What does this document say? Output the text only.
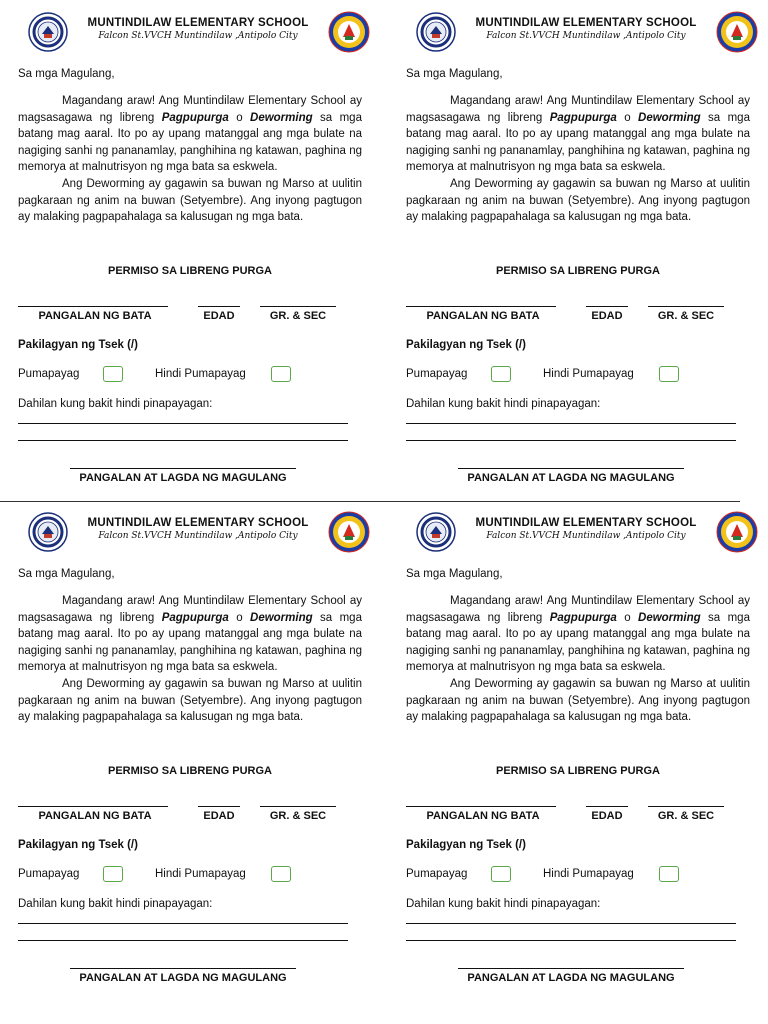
MUNTINDILAW ELEMENTARY SCHOOL
Falcon St.VVCH Muntindilaw ,Antipolo City
Sa mga Magulang,

Magandang araw! Ang Muntindilaw Elementary School ay magsasagawa ng libreng Pagpupurga o Deworming sa mga batang mag aaral. Ito po ay upang matanggal ang mga bulate na nagiging sanhi ng pananamlay, panghihina ng katawan, paghina ng memorya at malnutrisyon ng mga bata sa eskwela.

Ang Deworming ay gagawin sa buwan ng Marso at uulitin pagkaraan ng anim na buwan (Setyembre). Ang inyong pagtugon ay malaking pagpapahalaga sa kalusugan ng mga bata.

PERMISO SA LIBRENG PURGA
PANGALAN NG BATA	EDAD	GR. & SEC
Pakilagyan ng Tsek (/)
Pumapayag	Hindi Pumapayag
Dahilan kung bakit hindi pinapayagan:
PANGALAN AT LAGDA NG MAGULANG
MUNTINDILAW ELEMENTARY SCHOOL
Falcon St.VVCH Muntindilaw ,Antipolo City
Sa mga Magulang,

Magandang araw! Ang Muntindilaw Elementary School ay magsasagawa ng libreng Pagpupurga o Deworming sa mga batang mag aaral. Ito po ay upang matanggal ang mga bulate na nagiging sanhi ng pananamlay, panghihina ng katawan, paghina ng memorya at malnutrisyon ng mga bata sa eskwela.

Ang Deworming ay gagawin sa buwan ng Marso at uulitin pagkaraan ng anim na buwan (Setyembre). Ang inyong pagtugon ay malaking pagpapahalaga sa kalusugan ng mga bata.

PERMISO SA LIBRENG PURGA
PANGALAN NG BATA	EDAD	GR. & SEC
Pakilagyan ng Tsek (/)
Pumapayag	Hindi Pumapayag
Dahilan kung bakit hindi pinapayagan:
PANGALAN AT LAGDA NG MAGULANG
MUNTINDILAW ELEMENTARY SCHOOL
Falcon St.VVCH Muntindilaw ,Antipolo City
Sa mga Magulang,

Magandang araw! Ang Muntindilaw Elementary School ay magsasagawa ng libreng Pagpupurga o Deworming sa mga batang mag aaral. Ito po ay upang matanggal ang mga bulate na nagiging sanhi ng pananamlay, panghihina ng katawan, paghina ng memorya at malnutrisyon ng mga bata sa eskwela.

Ang Deworming ay gagawin sa buwan ng Marso at uulitin pagkaraan ng anim na buwan (Setyembre). Ang inyong pagtugon ay malaking pagpapahalaga sa kalusugan ng mga bata.

PERMISO SA LIBRENG PURGA
PANGALAN NG BATA	EDAD	GR. & SEC
Pakilagyan ng Tsek (/)
Pumapayag	Hindi Pumapayag
Dahilan kung bakit hindi pinapayagan:
PANGALAN AT LAGDA NG MAGULANG
MUNTINDILAW ELEMENTARY SCHOOL
Falcon St.VVCH Muntindilaw ,Antipolo City
Sa mga Magulang,

Magandang araw! Ang Muntindilaw Elementary School ay magsasagawa ng libreng Pagpupurga o Deworming sa mga batang mag aaral. Ito po ay upang matanggal ang mga bulate na nagiging sanhi ng pananamlay, panghihina ng katawan, paghina ng memorya at malnutrisyon ng mga bata sa eskwela.

Ang Deworming ay gagawin sa buwan ng Marso at uulitin pagkaraan ng anim na buwan (Setyembre). Ang inyong pagtugon ay malaking pagpapahalaga sa kalusugan ng mga bata.

PERMISO SA LIBRENG PURGA
PANGALAN NG BATA	EDAD	GR. & SEC
Pakilagyan ng Tsek (/)
Pumapayag	Hindi Pumapayag
Dahilan kung bakit hindi pinapayagan:
PANGALAN AT LAGDA NG MAGULANG
